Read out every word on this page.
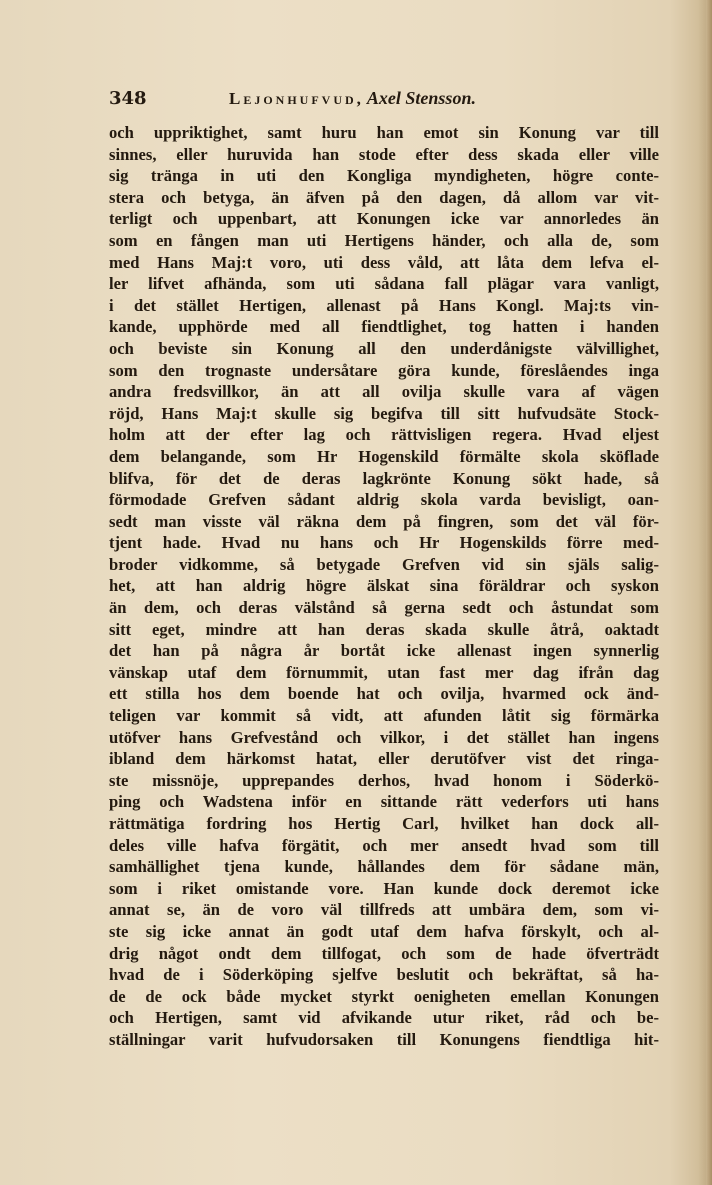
348	Lejonhufvud , Axel Stensson.
och uppriktighet, samt huru han emot sin Konung var till
sinnes, eller huruvida han stode efter dess skada eller ville
sig tränga in uti den Kongliga myndigheten, högre conte-
stera och betyga, än äfven på den dagen, då allom var vit-
terligt och uppenbart, att Konungen icke var annorledes än
som en fången man uti Hertigens händer, och alla de, som
med Hans Maj:t voro, uti dess våld, att låta dem lefva el-
ler lifvet afhända, som uti sådana fall plägar vara vanligt,
i det stället Hertigen, allenast på Hans Kongl. Maj:ts vin-
kande, upphörde med all fiendtlighet, tog hatten i handen
och beviste sin Konung all den underdånigste välvillighet,
som den trognaste undersåtare göra kunde, föreslåendes inga
andra fredsvillkor, än att all ovilja skulle vara af vägen
röjd, Hans Maj:t skulle sig begifva till sitt hufvudsäte Stock-
holm att der efter lag och rättvisligen regera. Hvad eljest
dem belangande, som Hr Hogenskild förmälte skola sköflade
blifva, för det de deras lagkrönte Konung sökt hade, så
förmodade Grefven sådant aldrig skola varda bevisligt, oan-
sedt man visste väl räkna dem på fingren, som det väl för-
tjent hade. Hvad nu hans och Hr Hogenskilds förre med-
broder vidkomme, så betygade Grefven vid sin själs salig-
het, att han aldrig högre älskat sina föräldrar och syskon
än dem, och deras välstånd så gerna sedt och åstundat som
sitt eget, mindre att han deras skada skulle åtrå, oaktadt
det han på några år bortåt icke allenast ingen synnerlig
vänskap utaf dem förnummit, utan fast mer dag ifrån dag
ett stilla hos dem boende hat och ovilja, hvarmed ock änd-
teligen var kommit så vidt, att afunden låtit sig förmärka
utöfver hans Grefvestånd och vilkor, i det stället han ingens
ibland dem härkomst hatat, eller derutöfver vist det ringa-
ste missnöje, upprepandes derhos, hvad honom i Söderkö-
ping och Wadstena inför en sittande rätt vederfors uti hans
rättmätiga fordring hos Hertig Carl, hvilket han dock all-
deles ville hafva förgätit, och mer ansedt hvad som till
samhällighet tjena kunde, hållandes dem för sådane män,
som i riket omistande vore. Han kunde dock deremot icke
annat se, än de voro väl tillfreds att umbära dem, som vi-
ste sig icke annat än godt utaf dem hafva förskylt, och al-
drig något ondt dem tillfogat, och som de hade öfverträdt
hvad de i Söderköping sjelfve beslutit och bekräftat, så ha-
de de ock både mycket styrkt oenigheten emellan Konungen
och Hertigen, samt vid afvikande utur riket, råd och be-
ställningar varit hufvudorsaken till Konungens fiendtliga hit-
